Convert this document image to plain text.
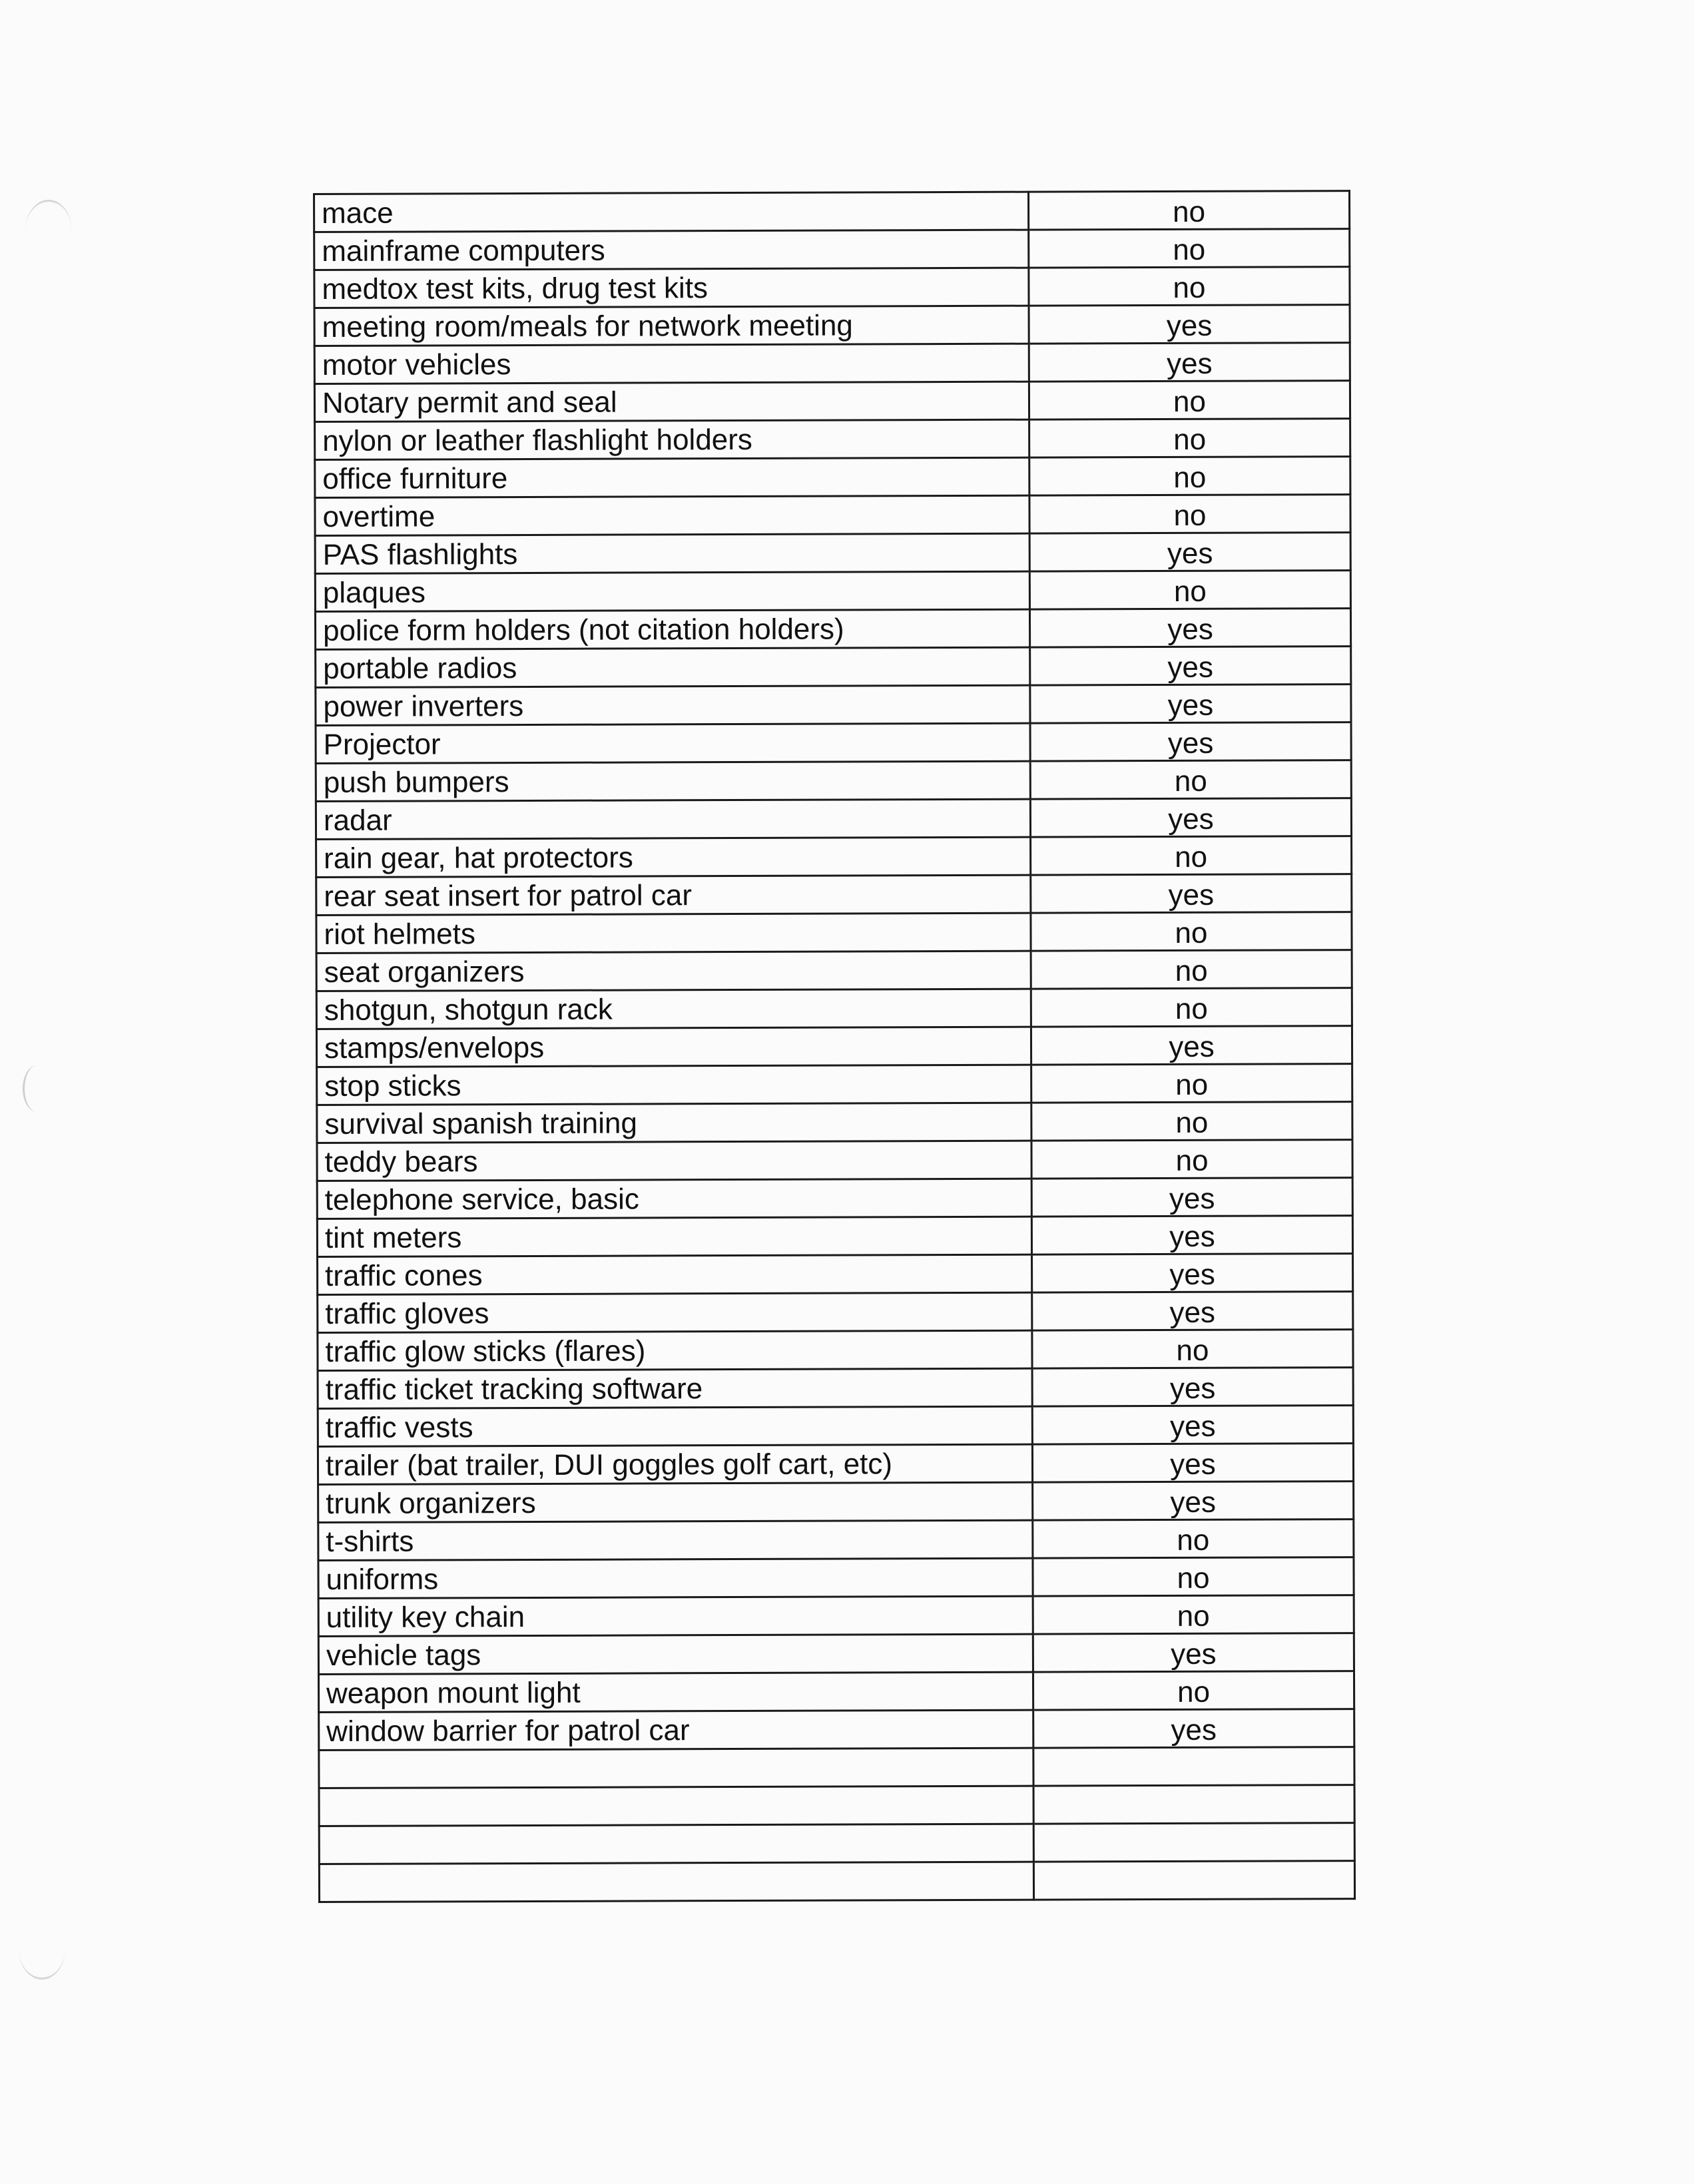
mace	no
mainframe computers	no
medtox test kits, drug test kits	no
meeting room/meals for network meeting	yes
motor vehicles	yes
Notary permit and seal	no
nylon or leather flashlight holders	no
office furniture	no
overtime	no
PAS flashlights	yes
plaques	no
police form holders (not citation holders)	yes
portable radios	yes
power inverters	yes
Projector	yes
push bumpers	no
radar	yes
rain gear, hat protectors	no
rear seat insert for patrol car	yes
riot helmets	no
seat organizers	no
shotgun, shotgun rack	no
stamps/envelops	yes
stop sticks	no
survival spanish training	no
teddy bears	no
telephone service, basic	yes
tint meters	yes
traffic cones	yes
traffic gloves	yes
traffic glow sticks (flares)	no
traffic ticket tracking software	yes
traffic vests	yes
trailer (bat trailer, DUI goggles golf cart, etc)	yes
trunk organizers	yes
t-shirts	no
uniforms	no
utility key chain	no
vehicle tags	yes
weapon mount light	no
window barrier for patrol car	yes
